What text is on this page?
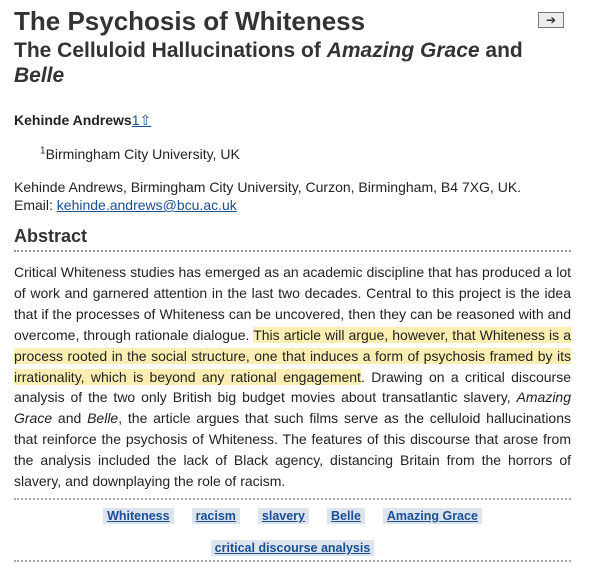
The Psychosis of Whiteness
The Celluloid Hallucinations of Amazing Grace and
Belle
➔
Kehinde Andrews1⇧
$^1$Birmingham City University, UK
Kehinde Andrews, Birmingham City University, Curzon, Birmingham, B4 7XG, UK.
Email: kehinde.andrews@bcu.ac.uk
Abstract

Critical Whiteness studies has emerged as an academic discipline that has produced a lot of work and garnered attention in the last two decades. Central to this project is the idea that if the processes of Whiteness can be uncovered, then they can be reasoned with and overcome, through rationale dialogue. This article will argue, however, that Whiteness is a process rooted in the social structure, one that induces a form of psychosis framed by its irrationality, which is beyond any rational engagement. Drawing on a critical discourse analysis of the two only British big budget movies about transatlantic slavery, Amazing Grace and Belle, the article argues that such films serve as the celluloid hallucinations that reinforce the psychosis of Whiteness. The features of this discourse that arose from the analysis included the lack of Black agency, distancing Britain from the horrors of slavery, and downplaying the role of racism.

Whiteness	racism	slavery	Belle	Amazing Grace
critical discourse analysis
